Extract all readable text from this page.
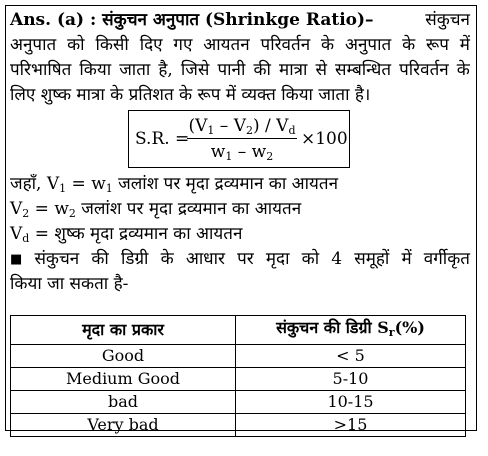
Ans. (a) : संकुचन अनुपात (Shrinkge Ratio)–	संकुचन
अनुपात को किसी दिए गए आयतन परिवर्तन के अनुपात के रूप में
परिभाषित किया जाता है, जिसे पानी की मात्रा से सम्बन्धित परिवर्तन के
लिए शुष्क मात्रा के प्रतिशत के रूप में व्यक्त किया जाता है।
S.R. =
$\frac{(V_1 - V_2) / V_d}{w_1 - w_2} \times 100$
जहाँ, $V_1 = w_1$ जलांश पर मृदा द्रव्यमान का आयतन
$V_2 = w_2$ जलांश पर मृदा द्रव्यमान का आयतन
$V_d$ = शुष्क मृदा द्रव्यमान का आयतन
■ संकुचन की डिग्री के आधार पर मृदा को 4 समूहों में वर्गीकृत
किया जा सकता है-
मृदा का प्रकार	संकुचन की डिग्री $S_r(\%)$
Good	< 5
Medium Good	5-10
bad	10-15
Very bad	>15
